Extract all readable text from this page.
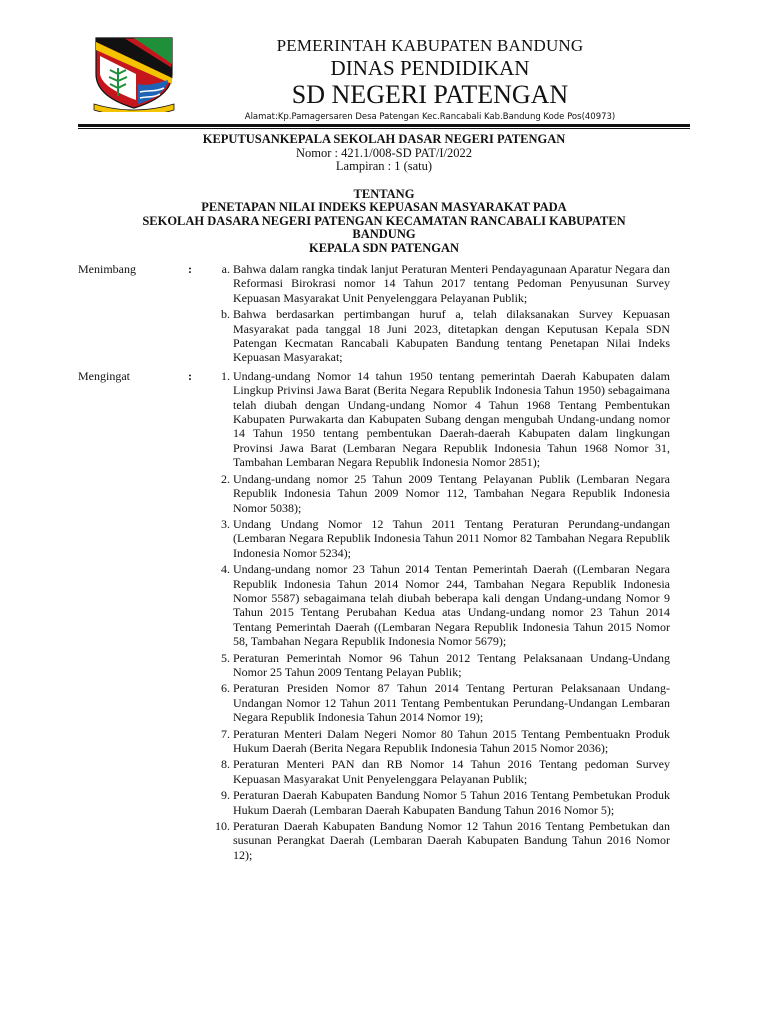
PEMERINTAH KABUPATEN BANDUNG

DINAS PENDIDIKAN

SD NEGERI PATENGAN

Alamat:Kp.Pamagersaren Desa Patengan Kec.Rancabali Kab.Bandung Kode Pos(40973)

KEPUTUSANKEPALA SEKOLAH DASAR NEGERI PATENGAN

Nomor : 421.1/008-SD PAT/I/2022

Lampiran : 1 (satu)

TENTANG

PENETAPAN NILAI INDEKS KEPUASAN MASYARAKAT PADA

SEKOLAH DASARA NEGERI PATENGAN KECAMATAN RANCABALI KABUPATEN

BANDUNG

KEPALA SDN PATENGAN

Menimbang	:	a. Bahwa dalam rangka tindak lanjut Peraturan Menteri Pendayagunaan Aparatur Negara dan Reformasi Birokrasi nomor 14 Tahun 2017 tentang Pedoman Penyusunan Survey Kepuasan Masyarakat Unit Penyelenggara Pelayanan Publik;
b. Bahwa berdasarkan pertimbangan huruf a, telah dilaksanakan Survey Kepuasan Masyarakat pada tanggal 18 Juni 2023, ditetapkan dengan Keputusan Kepala SDN Patengan Kecmatan Rancabali Kabupaten Bandung tentang Penetapan Nilai Indeks Kepuasan Masyarakat;
Mengingat	:	1. Undang-undang Nomor 14 tahun 1950 tentang pemerintah Daerah Kabupaten dalam Lingkup Privinsi Jawa Barat (Berita Negara Republik Indonesia Tahun 1950) sebagaimana telah diubah dengan Undang-undang Nomor 4 Tahun 1968 Tentang Pembentukan Kabupaten Purwakarta dan Kabupaten Subang dengan mengubah Undang-undang nomor 14 Tahun 1950 tentang pembentukan Daerah-daerah Kabupaten dalam lingkungan Provinsi Jawa Barat (Lembaran Negara Republik Indonesia Tahun 1968 Nomor 31, Tambahan Lembaran Negara Republik Indonesia Nomor 2851);
2. Undang-undang nomor 25 Tahun 2009 Tentang Pelayanan Publik (Lembaran Negara Republik Indonesia Tahun 2009 Nomor 112, Tambahan Negara Republik Indonesia Nomor 5038);
3. Undang Undang Nomor 12 Tahun 2011 Tentang Peraturan Perundang-undangan (Lembaran Negara Republik Indonesia Tahun 2011 Nomor 82 Tambahan Negara Republik Indonesia Nomor 5234);
4. Undang-undang nomor 23 Tahun 2014 Tentan Pemerintah Daerah ((Lembaran Negara Republik Indonesia Tahun 2014 Nomor 244, Tambahan Negara Republik Indonesia Nomor 5587) sebagaimana telah diubah beberapa kali dengan Undang-undang Nomor 9 Tahun 2015 Tentang Perubahan Kedua atas Undang-undang nomor 23 Tahun 2014 Tentang Pemerintah Daerah ((Lembaran Negara Republik Indonesia Tahun 2015 Nomor 58, Tambahan Negara Republik Indonesia Nomor 5679);
5. Peraturan Pemerintah Nomor 96 Tahun 2012 Tentang Pelaksanaan Undang-Undang Nomor 25 Tahun 2009 Tentang Pelayan Publik;
6. Peraturan Presiden Nomor 87 Tahun 2014 Tentang Perturan Pelaksanaan Undang-Undangan Nomor 12 Tahun 2011 Tentang Pembentukan Perundang-Undangan Lembaran Negara Republik Indonesia Tahun 2014 Nomor 19);
7. Peraturan Menteri Dalam Negeri Nomor 80 Tahun 2015 Tentang Pembentuakn Produk Hukum Daerah (Berita Negara Republik Indonesia Tahun 2015 Nomor 2036);
8. Peraturan Menteri PAN dan RB Nomor 14 Tahun 2016 Tentang pedoman Survey Kepuasan Masyarakat Unit Penyelenggara Pelayanan Publik;
9. Peraturan Daerah Kabupaten Bandung Nomor 5 Tahun 2016 Tentang Pembetukan Produk Hukum Daerah (Lembaran Daerah Kabupaten Bandung Tahun 2016 Nomor 5);
10. Peraturan Daerah Kabupaten Bandung Nomor 12 Tahun 2016 Tentang Pembetukan dan susunan Perangkat Daerah (Lembaran Daerah Kabupaten Bandung Tahun 2016 Nomor 12);
